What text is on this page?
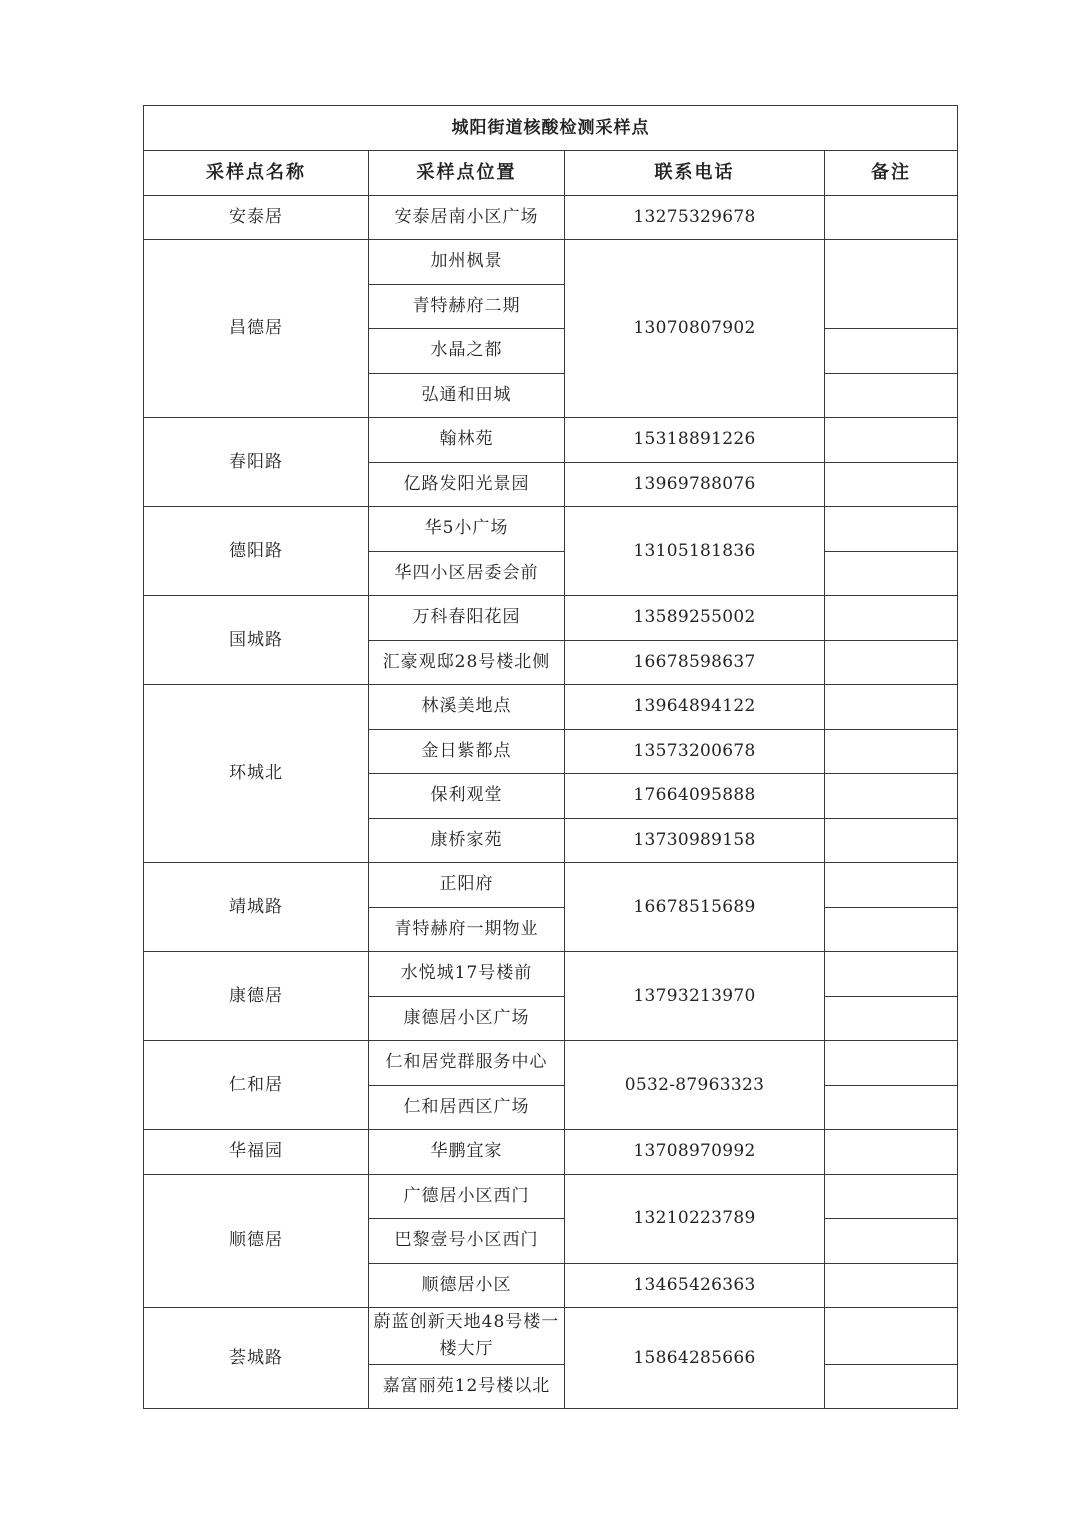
城阳街道核酸检测采样点			
采样点名称	采样点位置	联系电话	备注
安泰居	安泰居南小区广场	13275329678	
昌德居	加州枫景	13070807902	
	青特赫府二期		
	水晶之都		
	弘通和田城		
春阳路	翰林苑	15318891226	
	亿路发阳光景园	13969788076	
德阳路	华5小广场	13105181836	
	华四小区居委会前		
国城路	万科春阳花园	13589255002	
	汇豪观邸28号楼北侧	16678598637	
环城北	林溪美地点	13964894122	
	金日紫都点	13573200678	
	保利观堂	17664095888	
	康桥家苑	13730989158	
靖城路	正阳府	16678515689	
	青特赫府一期物业		
康德居	水悦城17号楼前	13793213970	
	康德居小区广场		
仁和居	仁和居党群服务中心	0532-87963323	
	仁和居西区广场		
华福园	华鹏宜家	13708970992	
顺德居	广德居小区西门	13210223789	
	巴黎壹号小区西门		
	顺德居小区	13465426363	
荟城路	蔚蓝创新天地48号楼一楼大厅	15864285666	
	嘉富丽苑12号楼以北		
